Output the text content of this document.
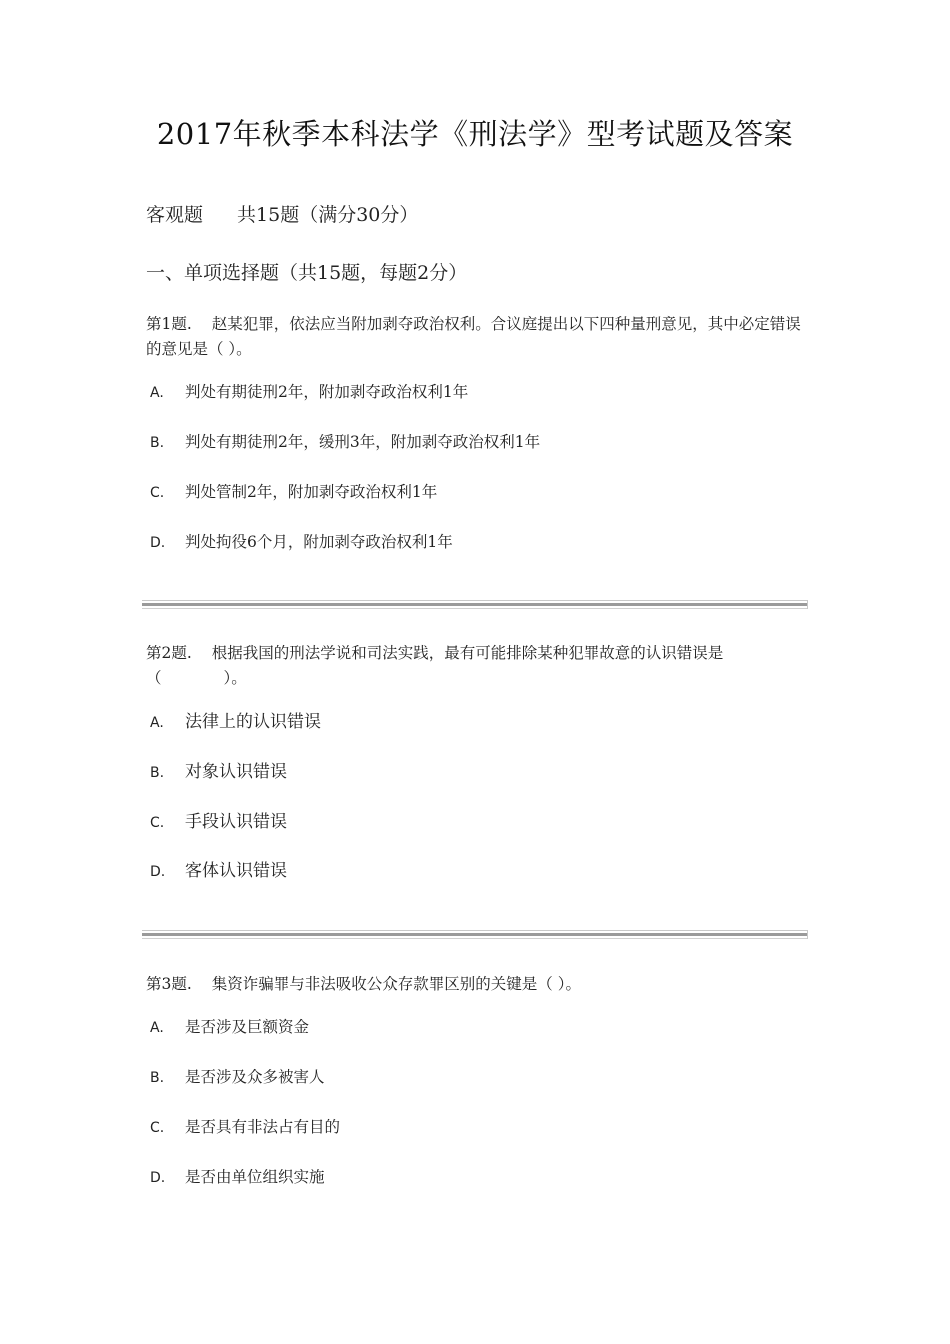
2017年秋季本科法学《刑法学》型考试题及答案
客观题 共15题（满分30分）
一、单项选择题（共15题，每题2分）
第1题. 赵某犯罪，依法应当附加剥夺政治权利。合议庭提出以下四种量刑意见，其中必定错误的意见是（ ）。
A. 判处有期徒刑2年，附加剥夺政治权利1年
B. 判处有期徒刑2年，缓刑3年，附加剥夺政治权利1年
C. 判处管制2年，附加剥夺政治权利1年
D. 判处拘役6个月，附加剥夺政治权利1年
第2题. 根据我国的刑法学说和司法实践，最有可能排除某种犯罪故意的认识错误是（　　　　）。
A. 法律上的认识错误
B. 对象认识错误
C. 手段认识错误
D. 客体认识错误
第3题. 集资诈骗罪与非法吸收公众存款罪区别的关键是（ ）。
A. 是否涉及巨额资金
B. 是否涉及众多被害人
C. 是否具有非法占有目的
D. 是否由单位组织实施
